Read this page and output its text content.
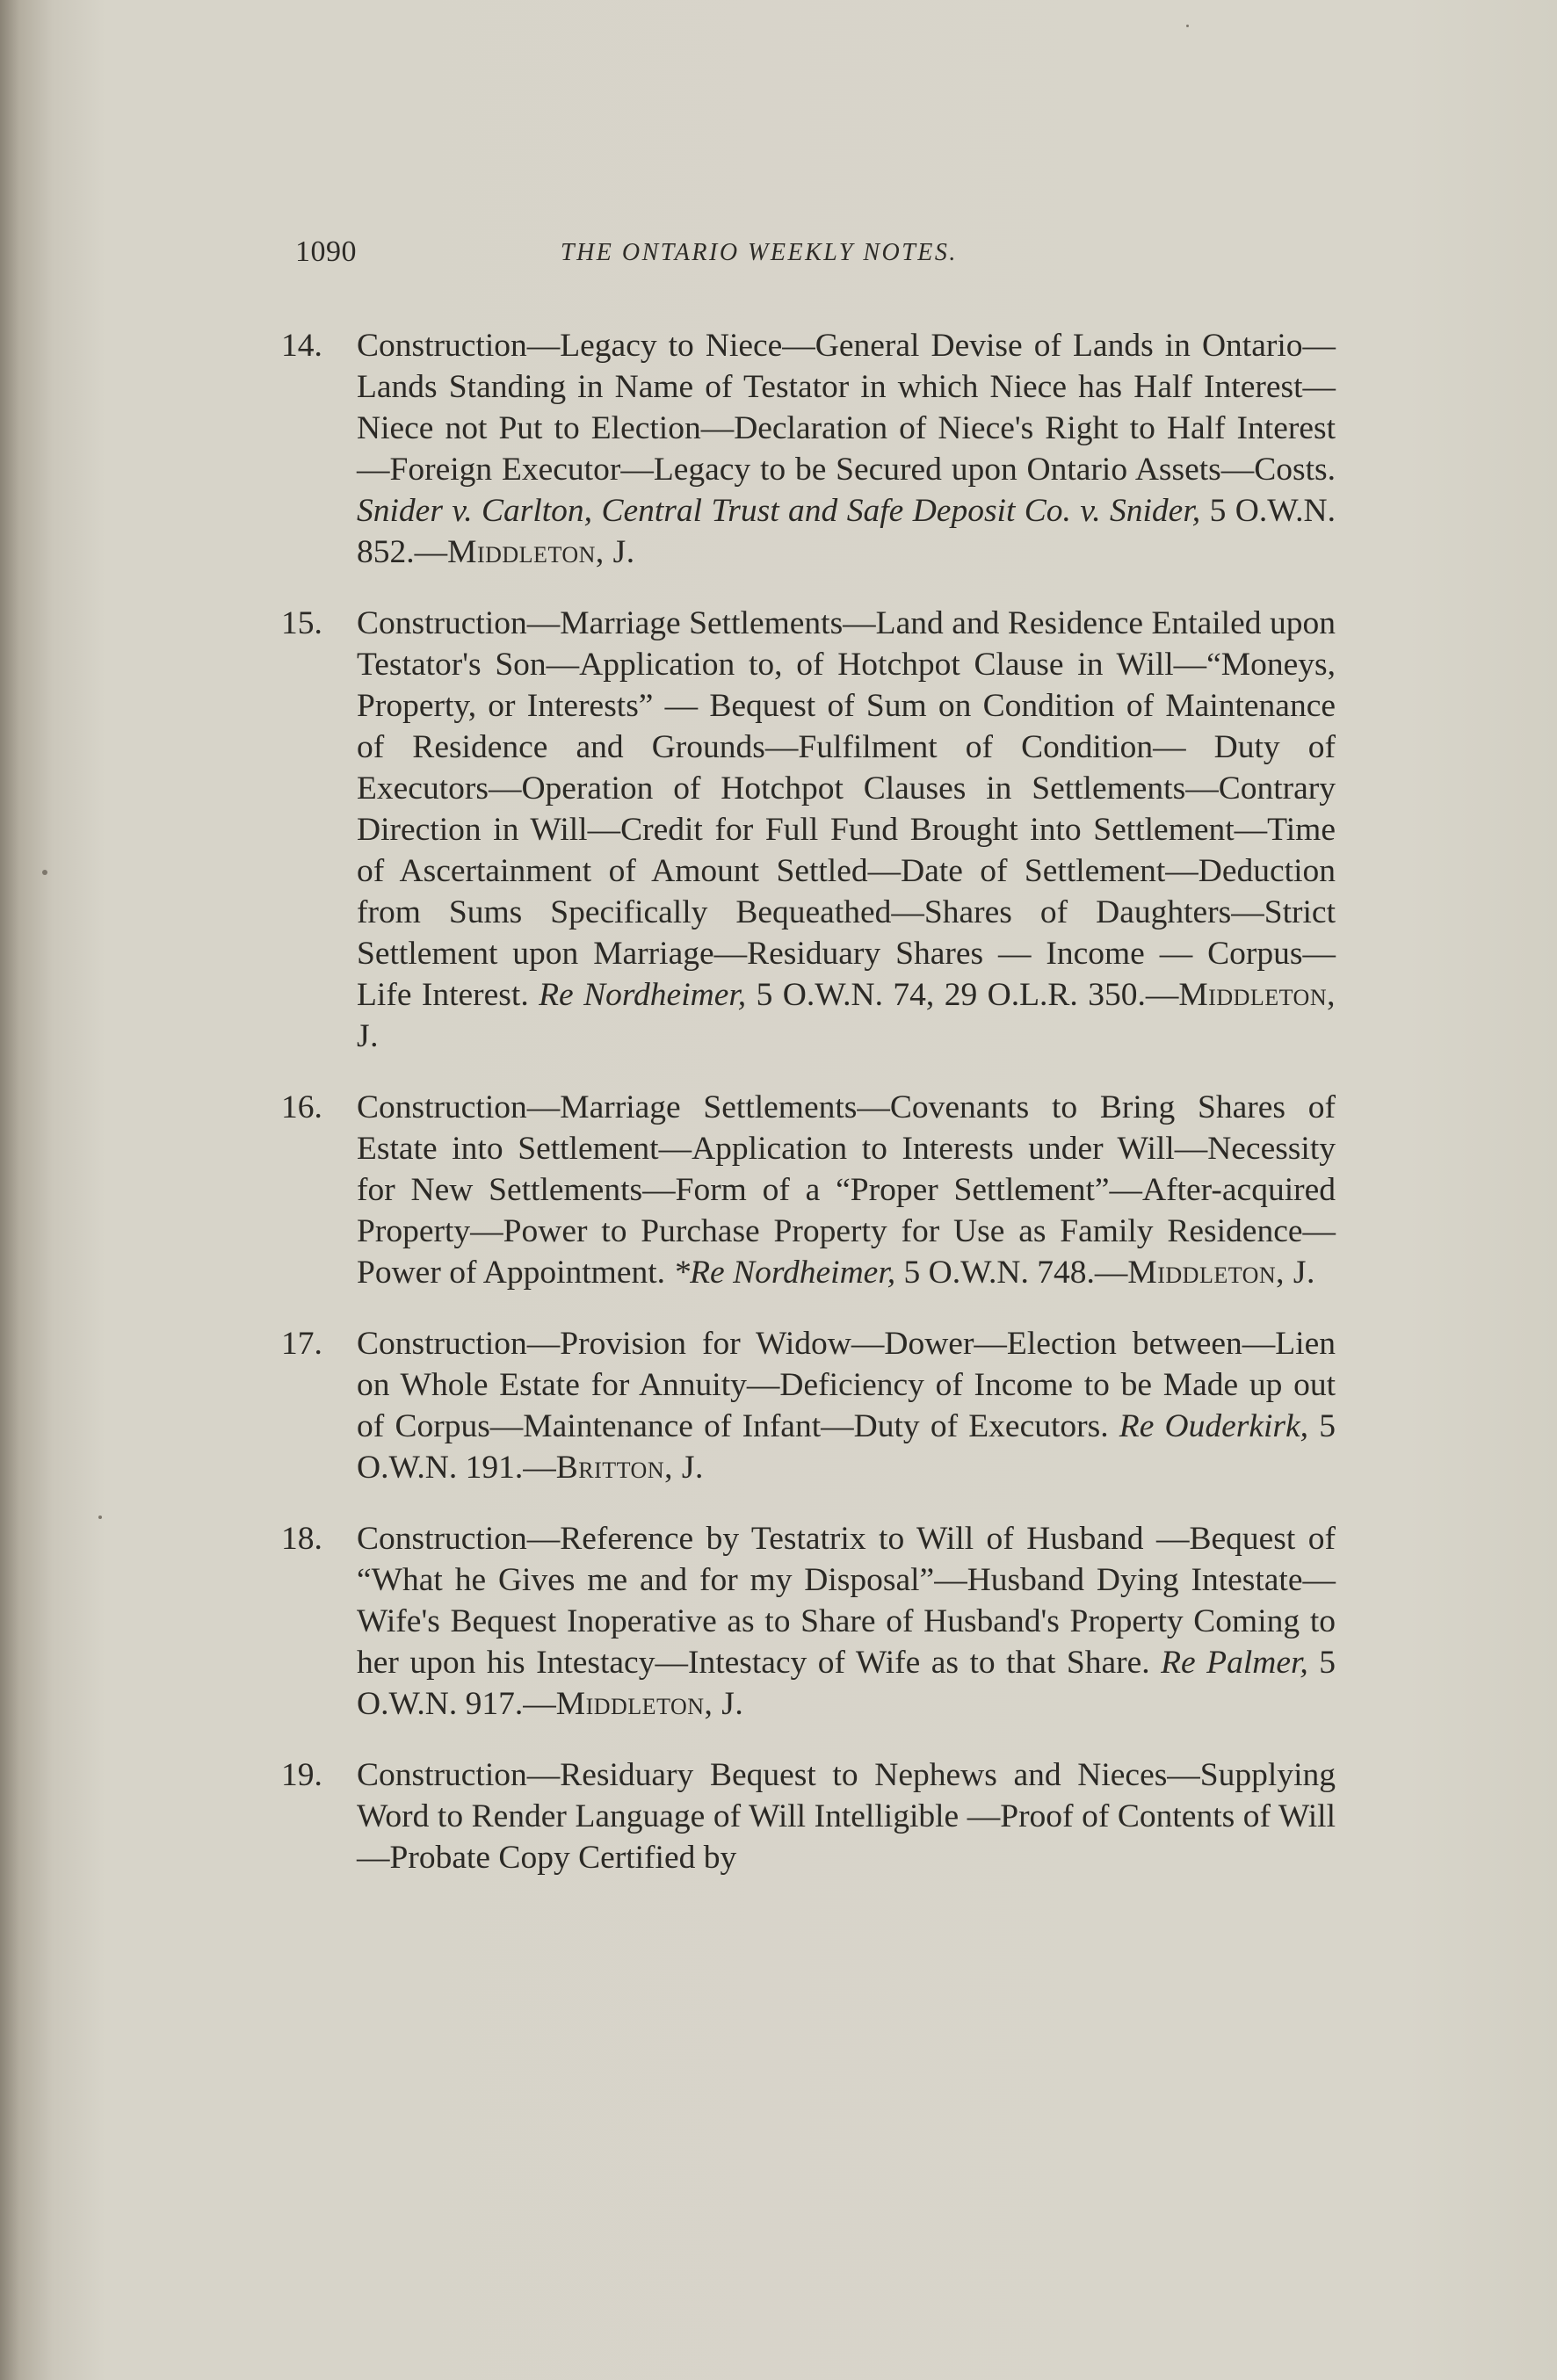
1090	THE ONTARIO WEEKLY NOTES.
14.	Construction—Legacy to Niece—General Devise of Lands in Ontario—Lands Standing in Name of Testator in which Niece has Half Interest—Niece not Put to Election—Declaration of Niece's Right to Half Interest—Foreign Executor—Legacy to be Secured upon Ontario Assets—Costs. Snider v. Carlton, Central Trust and Safe Deposit Co. v. Snider, 5 O.W.N. 852.—Middleton, J.
15.	Construction—Marriage Settlements—Land and Residence Entailed upon Testator's Son—Application to, of Hotchpot Clause in Will—“Moneys, Property, or Interests” — Bequest of Sum on Condition of Maintenance of Residence and Grounds—Fulfilment of Condition— Duty of Executors—Operation of Hotchpot Clauses in Settlements—Contrary Direction in Will—Credit for Full Fund Brought into Settlement—Time of Ascertainment of Amount Settled—Date of Settlement—Deduction from Sums Specifically Bequeathed—Shares of Daughters—Strict Settlement upon Marriage—Residuary Shares — Income — Corpus—Life Interest. Re Nordheimer, 5 O.W.N. 74, 29 O.L.R. 350.—Middleton, J.
16.	Construction—Marriage Settlements—Covenants to Bring Shares of Estate into Settlement—Application to Interests under Will—Necessity for New Settlements—Form of a “Proper Settlement”—After-acquired Property—Power to Purchase Property for Use as Family Residence—Power of Appointment. *Re Nordheimer, 5 O.W.N. 748.—Middleton, J.
17.	Construction—Provision for Widow—Dower—Election between—Lien on Whole Estate for Annuity—Deficiency of Income to be Made up out of Corpus—Maintenance of Infant—Duty of Executors. Re Ouderkirk, 5 O.W.N. 191.—Britton, J.
18.	Construction—Reference by Testatrix to Will of Husband —Bequest of “What he Gives me and for my Disposal”—Husband Dying Intestate—Wife's Bequest Inoperative as to Share of Husband's Property Coming to her upon his Intestacy—Intestacy of Wife as to that Share. Re Palmer, 5 O.W.N. 917.—Middleton, J.
19.	Construction—Residuary Bequest to Nephews and Nieces—Supplying Word to Render Language of Will Intelligible —Proof of Contents of Will—Probate Copy Certified by
